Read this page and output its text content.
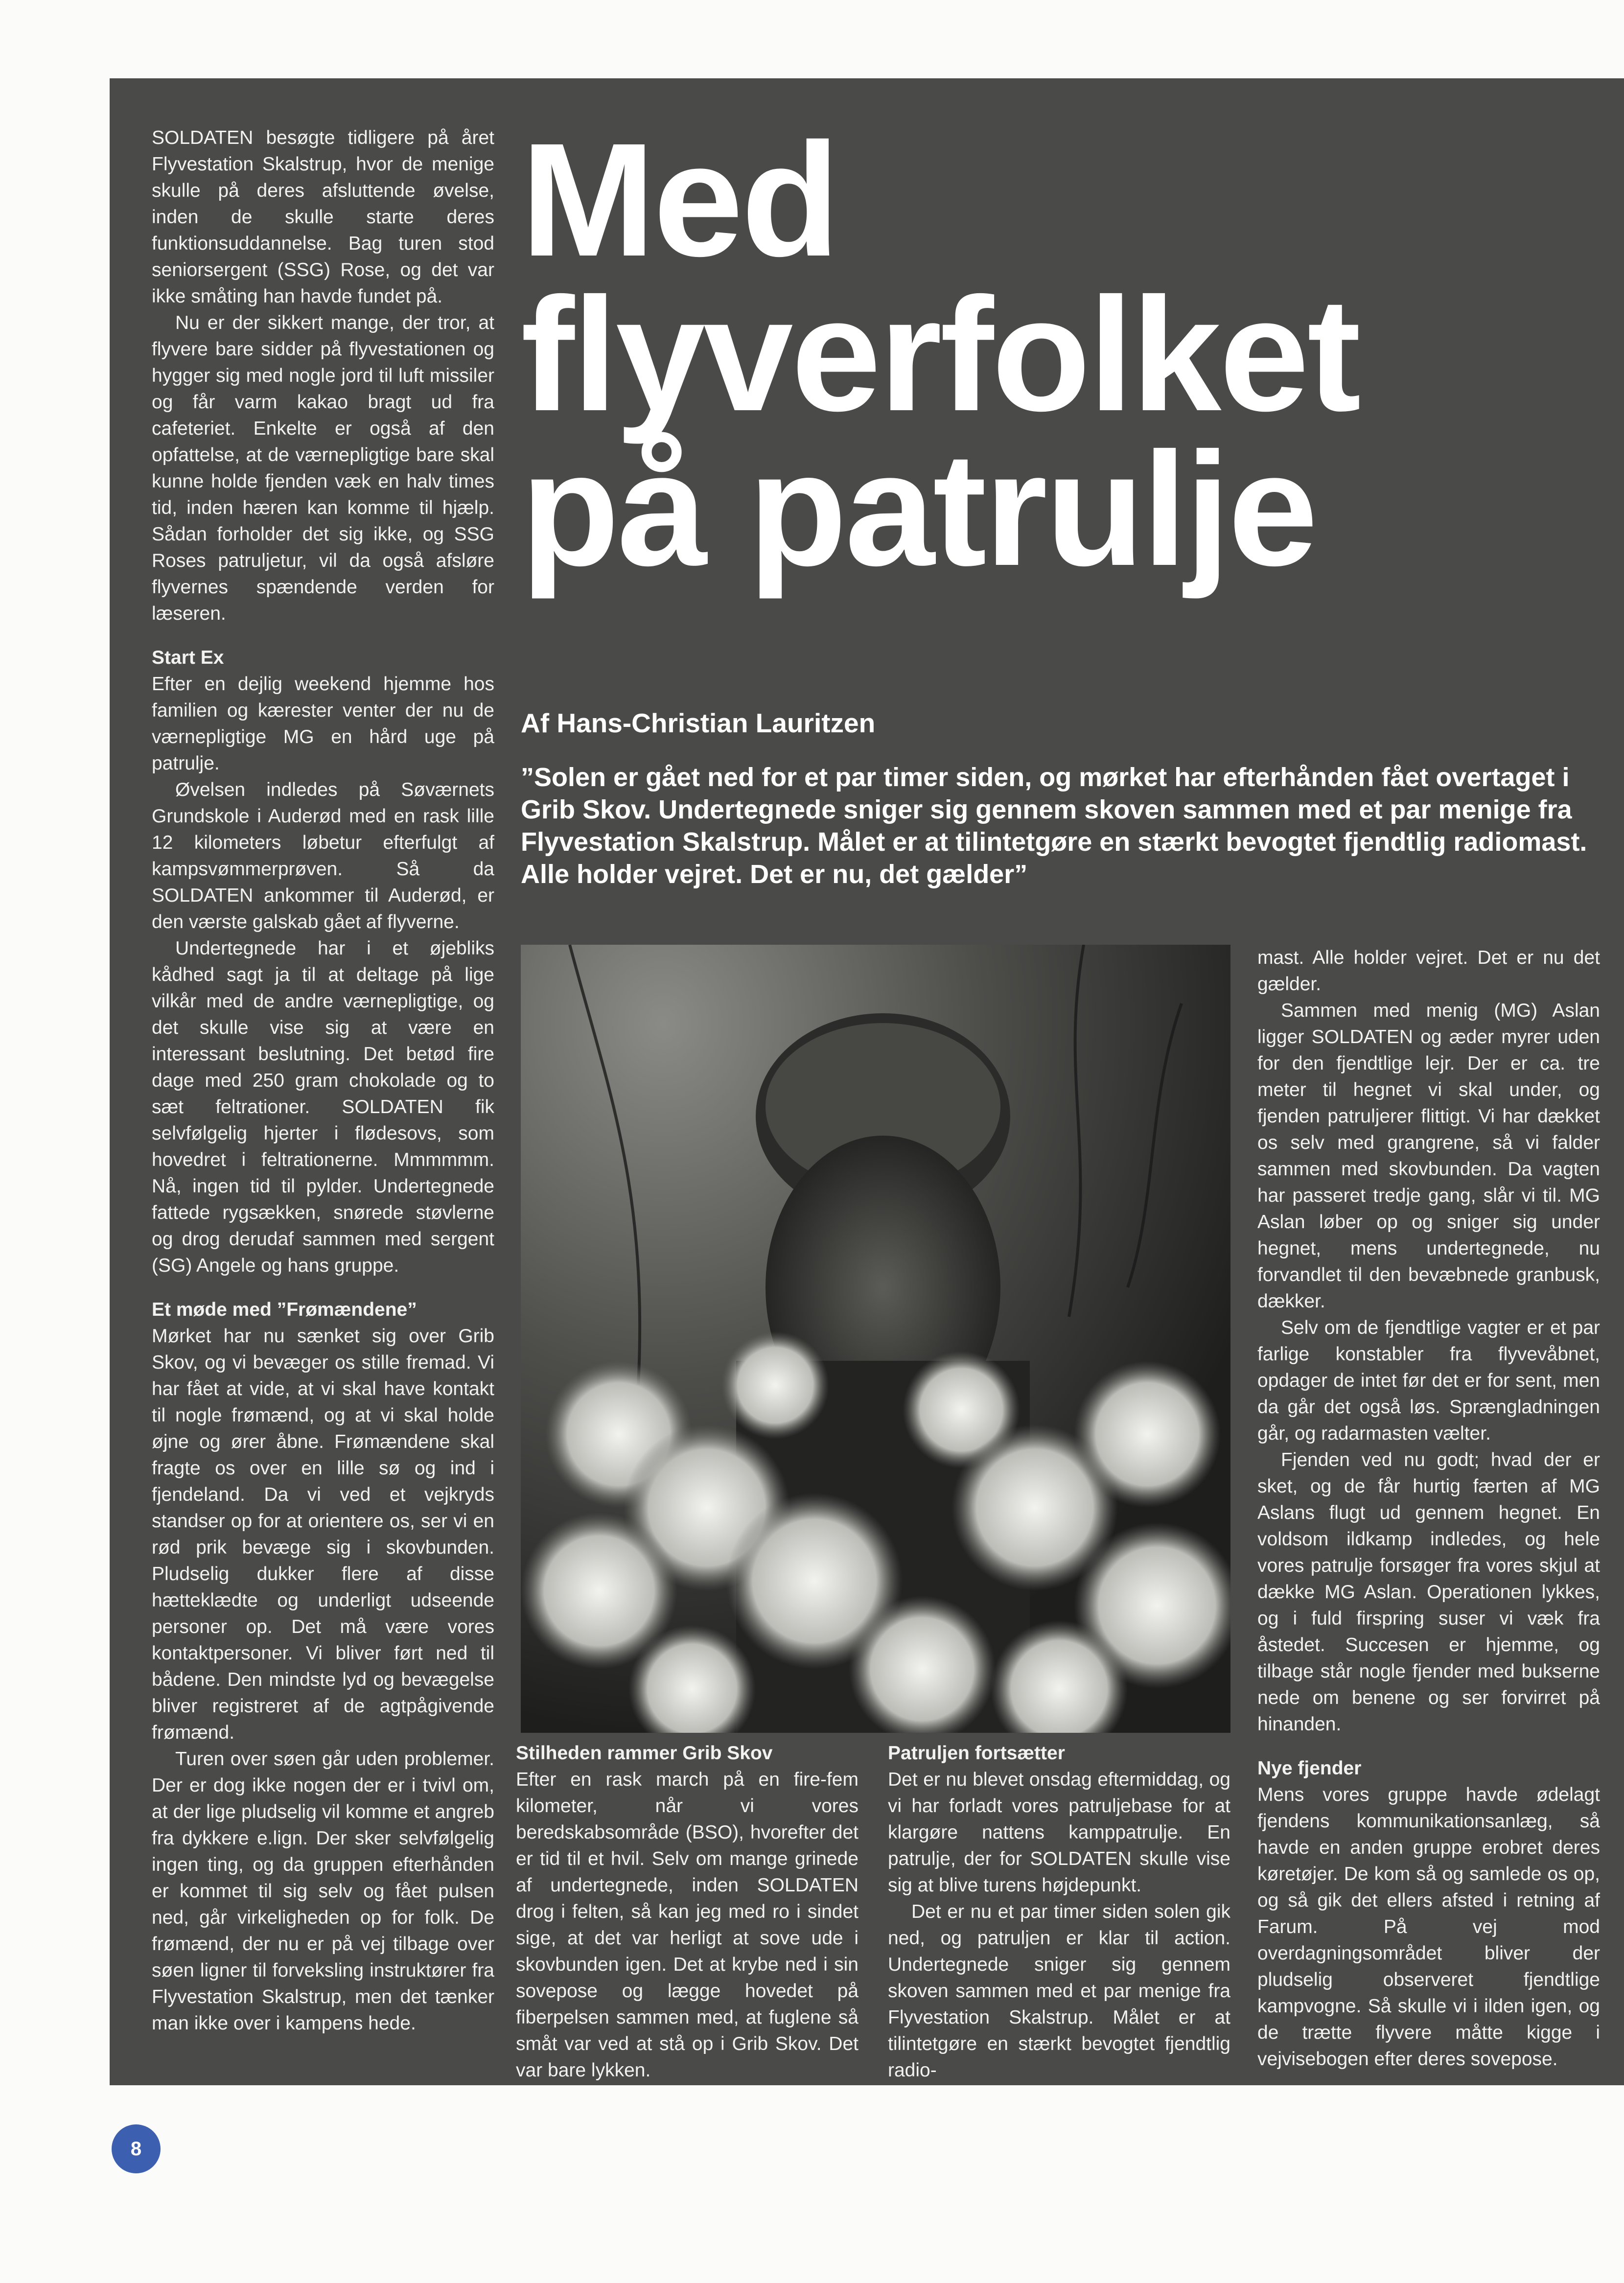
Med
flyverfolket
på patrulje

SOLDATEN besøgte tidligere på året Flyvestation Skalstrup, hvor de menige skulle på deres afsluttende øvelse, inden de skulle starte deres funktionsuddannelse. Bag turen stod seniorsergent (SSG) Rose, og det var ikke småting han havde fundet på.

Nu er der sikkert mange, der tror, at flyvere bare sidder på flyvestationen og hygger sig med nogle jord til luft missiler og får varm kakao bragt ud fra cafeteriet. Enkelte er også af den opfattelse, at de værnepligtige bare skal kunne holde fjenden væk en halv times tid, inden hæren kan komme til hjælp. Sådan forholder det sig ikke, og SSG Roses patruljetur, vil da også afsløre flyvernes spændende verden for læseren.

Start Ex

Efter en dejlig weekend hjemme hos familien og kærester venter der nu de værnepligtige MG en hård uge på patrulje.

Øvelsen indledes på Søværnets Grundskole i Auderød med en rask lille 12 kilometers løbetur efterfulgt af kampsvømmerprøven. Så da SOLDATEN ankommer til Auderød, er den værste galskab gået af flyverne.

Undertegnede har i et øjebliks kådhed sagt ja til at deltage på lige vilkår med de andre værnepligtige, og det skulle vise sig at være en interessant beslutning. Det betød fire dage med 250 gram chokolade og to sæt feltrationer. SOLDATEN fik selvfølgelig hjerter i flødesovs, som hovedret i feltrationerne. Mmmmmm. Nå, ingen tid til pylder. Undertegnede fattede rygsækken, snørede støvlerne og drog derudaf sammen med sergent (SG) Angele og hans gruppe.

Et møde med ”Frømændene”

Mørket har nu sænket sig over Grib Skov, og vi bevæger os stille fremad. Vi har fået at vide, at vi skal have kontakt til nogle frømænd, og at vi skal holde øjne og ører åbne. Frømændene skal fragte os over en lille sø og ind i fjendeland. Da vi ved et vejkryds standser op for at orientere os, ser vi en rød prik bevæge sig i skovbunden. Pludselig dukker flere af disse hætteklædte og underligt udseende personer op. Det må være vores kontaktpersoner. Vi bliver ført ned til bådene. Den mindste lyd og bevægelse bliver registreret af de agtpågivende frømænd.

Turen over søen går uden problemer. Der er dog ikke nogen der er i tvivl om, at der lige pludselig vil komme et angreb fra dykkere e.lign. Der sker selvfølgelig ingen ting, og da gruppen efterhånden er kommet til sig selv og fået pulsen ned, går virkeligheden op for folk. De frømænd, der nu er på vej tilbage over søen ligner til forveksling instruktører fra Flyvestation Skalstrup, men det tænker man ikke over i kampens hede.

Af Hans-Christian Lauritzen
”Solen er gået ned for et par timer siden, og mørket har efterhånden fået overtaget i Grib Skov. Undertegnede sniger sig gennem skoven sammen med et par menige fra Flyvestation Skalstrup. Målet er at tilintetgøre en stærkt bevogtet fjendtlig radiomast. Alle holder vejret. Det er nu, det gælder”
Stilheden rammer Grib Skov

Efter en rask march på en fire-fem kilometer, når vi vores beredskabsområde (BSO), hvorefter det er tid til et hvil. Selv om mange grinede af undertegnede, inden SOLDATEN drog i felten, så kan jeg med ro i sindet sige, at det var herligt at sove ude i skovbunden igen. Det at krybe ned i sin sovepose og lægge hovedet på fiberpelsen sammen med, at fuglene så småt var ved at stå op i Grib Skov. Det var bare lykken.

Patruljen fortsætter

Det er nu blevet onsdag eftermiddag, og vi har forladt vores patruljebase for at klargøre nattens kamppatrulje. En patrulje, der for SOLDATEN skulle vise sig at blive turens højdepunkt.

Det er nu et par timer siden solen gik ned, og patruljen er klar til action. Undertegnede sniger sig gennem skoven sammen med et par menige fra Flyvestation Skalstrup. Målet er at tilintetgøre en stærkt bevogtet fjendtlig radio-

mast. Alle holder vejret. Det er nu det gælder.

Sammen med menig (MG) Aslan ligger SOLDATEN og æder myrer uden for den fjendtlige lejr. Der er ca. tre meter til hegnet vi skal under, og fjenden patruljerer flittigt. Vi har dækket os selv med grangrene, så vi falder sammen med skovbunden. Da vagten har passeret tredje gang, slår vi til. MG Aslan løber op og sniger sig under hegnet, mens undertegnede, nu forvandlet til den bevæbnede granbusk, dækker.

Selv om de fjendtlige vagter er et par farlige konstabler fra flyvevåbnet, opdager de intet før det er for sent, men da går det også løs. Sprængladningen går, og radarmasten vælter.

Fjenden ved nu godt; hvad der er sket, og de får hurtig færten af MG Aslans flugt ud gennem hegnet. En voldsom ildkamp indledes, og hele vores patrulje forsøger fra vores skjul at dække MG Aslan. Operationen lykkes, og i fuld firspring suser vi væk fra åstedet. Succesen er hjemme, og tilbage står nogle fjender med bukserne nede om benene og ser forvirret på hinanden.

Nye fjender

Mens vores gruppe havde ødelagt fjendens kommunikationsanlæg, så havde en anden gruppe erobret deres køretøjer. De kom så og samlede os op, og så gik det ellers afsted i retning af Farum. På vej mod overdagningsområdet bliver der pludselig observeret fjendtlige kampvogne. Så skulle vi i ilden igen, og de trætte flyvere måtte kigge i vejvisebogen efter deres sovepose.

8
